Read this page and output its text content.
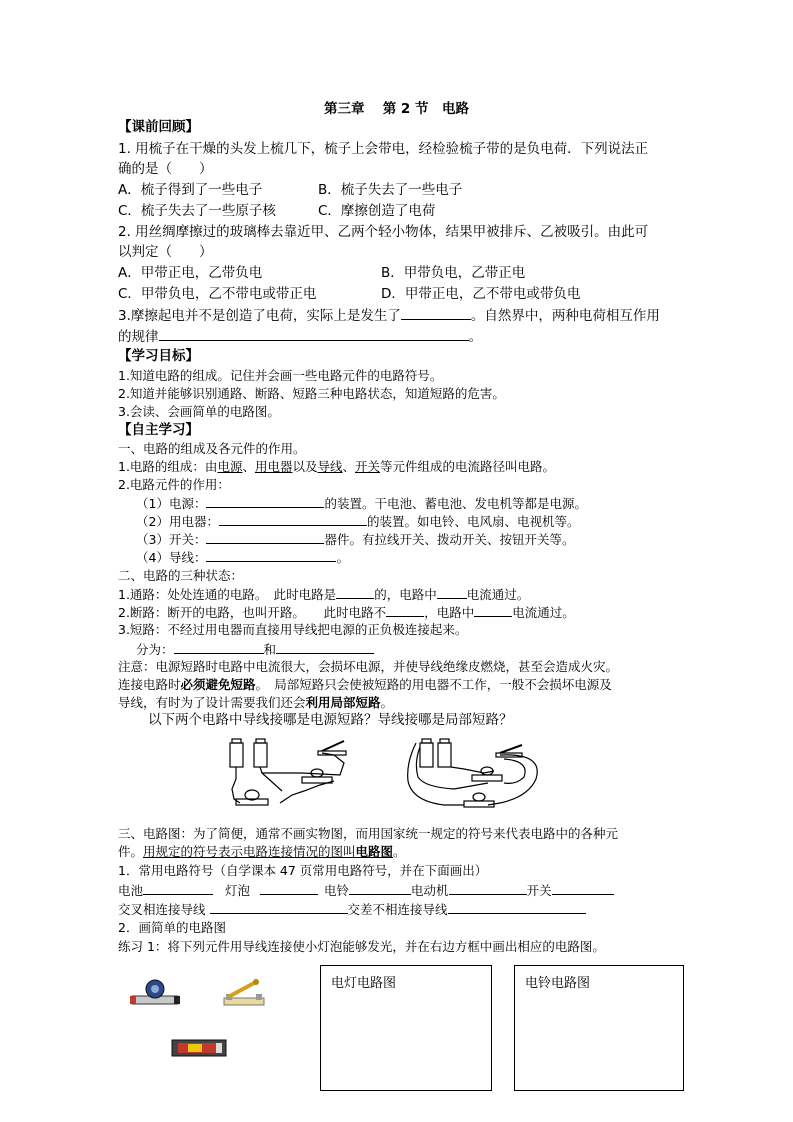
第三章　 第 2 节　电路
【课前回顾】
1. 用梳子在干燥的头发上梳几下，梳子上会带电，经检验梳子带的是负电荷．下列说法正
确的是（　　）
A．梳子得到了一些电子	B．梳子失去了一些电子
C．梳子失去了一些原子核	C．摩擦创造了电荷
2. 用丝绸摩擦过的玻璃棒去靠近甲、乙两个轻小物体，结果甲被排斥、乙被吸引。由此可
以判定（　　）
A．甲带正电，乙带负电	B．甲带负电，乙带正电
C．甲带负电，乙不带电或带正电	D．甲带正电，乙不带电或带负电
3.摩擦起电并不是创造了电荷，实际上是发生了	。自然界中，两种电荷相互作用
的规律	。
【学习目标】
1.知道电路的组成。记住并会画一些电路元件的电路符号。
2.知道并能够识别通路、断路、短路三种电路状态，知道短路的危害。
3.会读、会画简单的电路图。
【自主学习】
一、电路的组成及各元件的作用。
1.电路的组成：由电源、用电器以及导线、开关等元件组成的电流路径叫电路。
2.电路元件的作用：
（1）电源：	的装置。干电池、蓄电池、发电机等都是电源。
（2）用电器：	的装置。如电铃、电风扇、电视机等。
（3）开关：	器件。有拉线开关、拨动开关、按钮开关等。
（4）导线：	。
二、电路的三种状态：
1.通路：处处连通的电路。　此时电路是	的，电路中 电流通过。
2.断路：断开的电路，也叫开路。　　此时电路不	，电路中	电流通过。
3.短路：不经过用电器而直接用导线把电源的正负极连接起来。
分为：	和
注意：电源短路时电路中电流很大，会损坏电源，并使导线绝缘皮燃烧，甚至会造成火灾。
连接电路时必须避免短路。　局部短路只会使被短路的用电器不工作，一般不会损坏电源及
导线，有时为了设计需要我们还会利用局部短路。
以下两个电路中导线接哪是电源短路？导线接哪是局部短路？
三、电路图：为了简便，通常不画实物图，而用国家统一规定的符号来代表电路中的各种元
件。用规定的符号表示电路连接情况的图叫电路图。
1．常用电路符号（自学课本 47 页常用电路符号，并在下面画出）
电池	灯泡	电铃	电动机	开关
交叉相连接导线	交差不相连接导线
2．画简单的电路图
练习 1：将下列元件用导线连接使小灯泡能够发光，并在右边方框中画出相应的电路图。
电灯电路图	电铃电路图
